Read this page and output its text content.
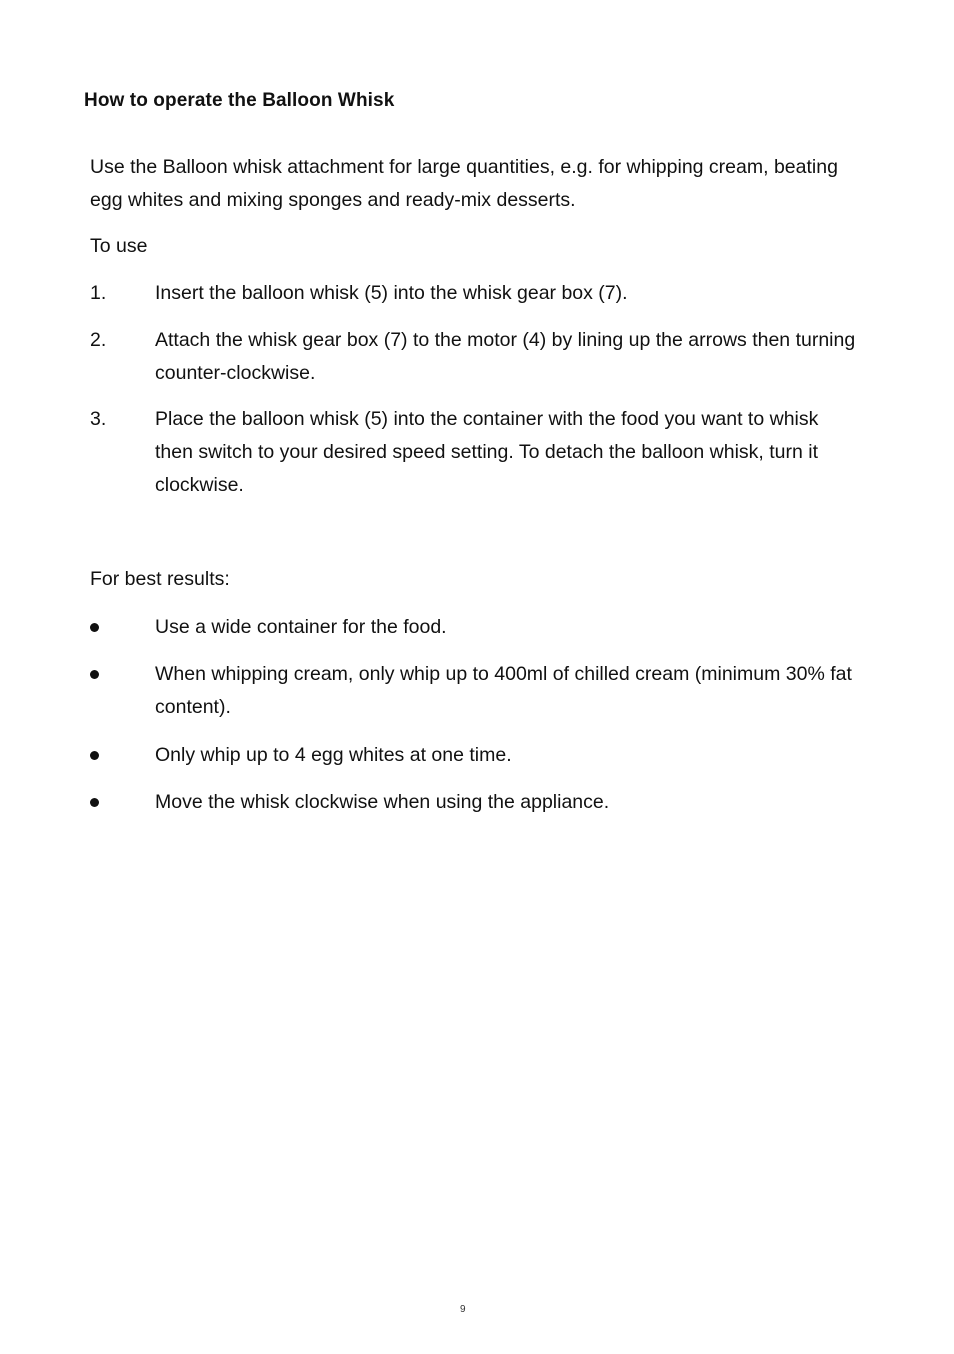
How to operate the Balloon Whisk
Use the Balloon whisk attachment for large quantities, e.g. for whipping cream, beating egg whites and mixing sponges and ready-mix desserts.
To use
1.	Insert the balloon whisk (5) into the whisk gear box (7).
2.	Attach the whisk gear box (7) to the motor (4) by lining up the arrows then turning counter-clockwise.
3.	Place the balloon whisk (5) into the container with the food you want to whisk then switch to your desired speed setting. To detach the balloon whisk, turn it clockwise.
For best results:
Use a wide container for the food.
When whipping cream, only whip up to 400ml of chilled cream (minimum 30% fat content).
Only whip up to 4 egg whites at one time.
Move the whisk clockwise when using the appliance.
9
